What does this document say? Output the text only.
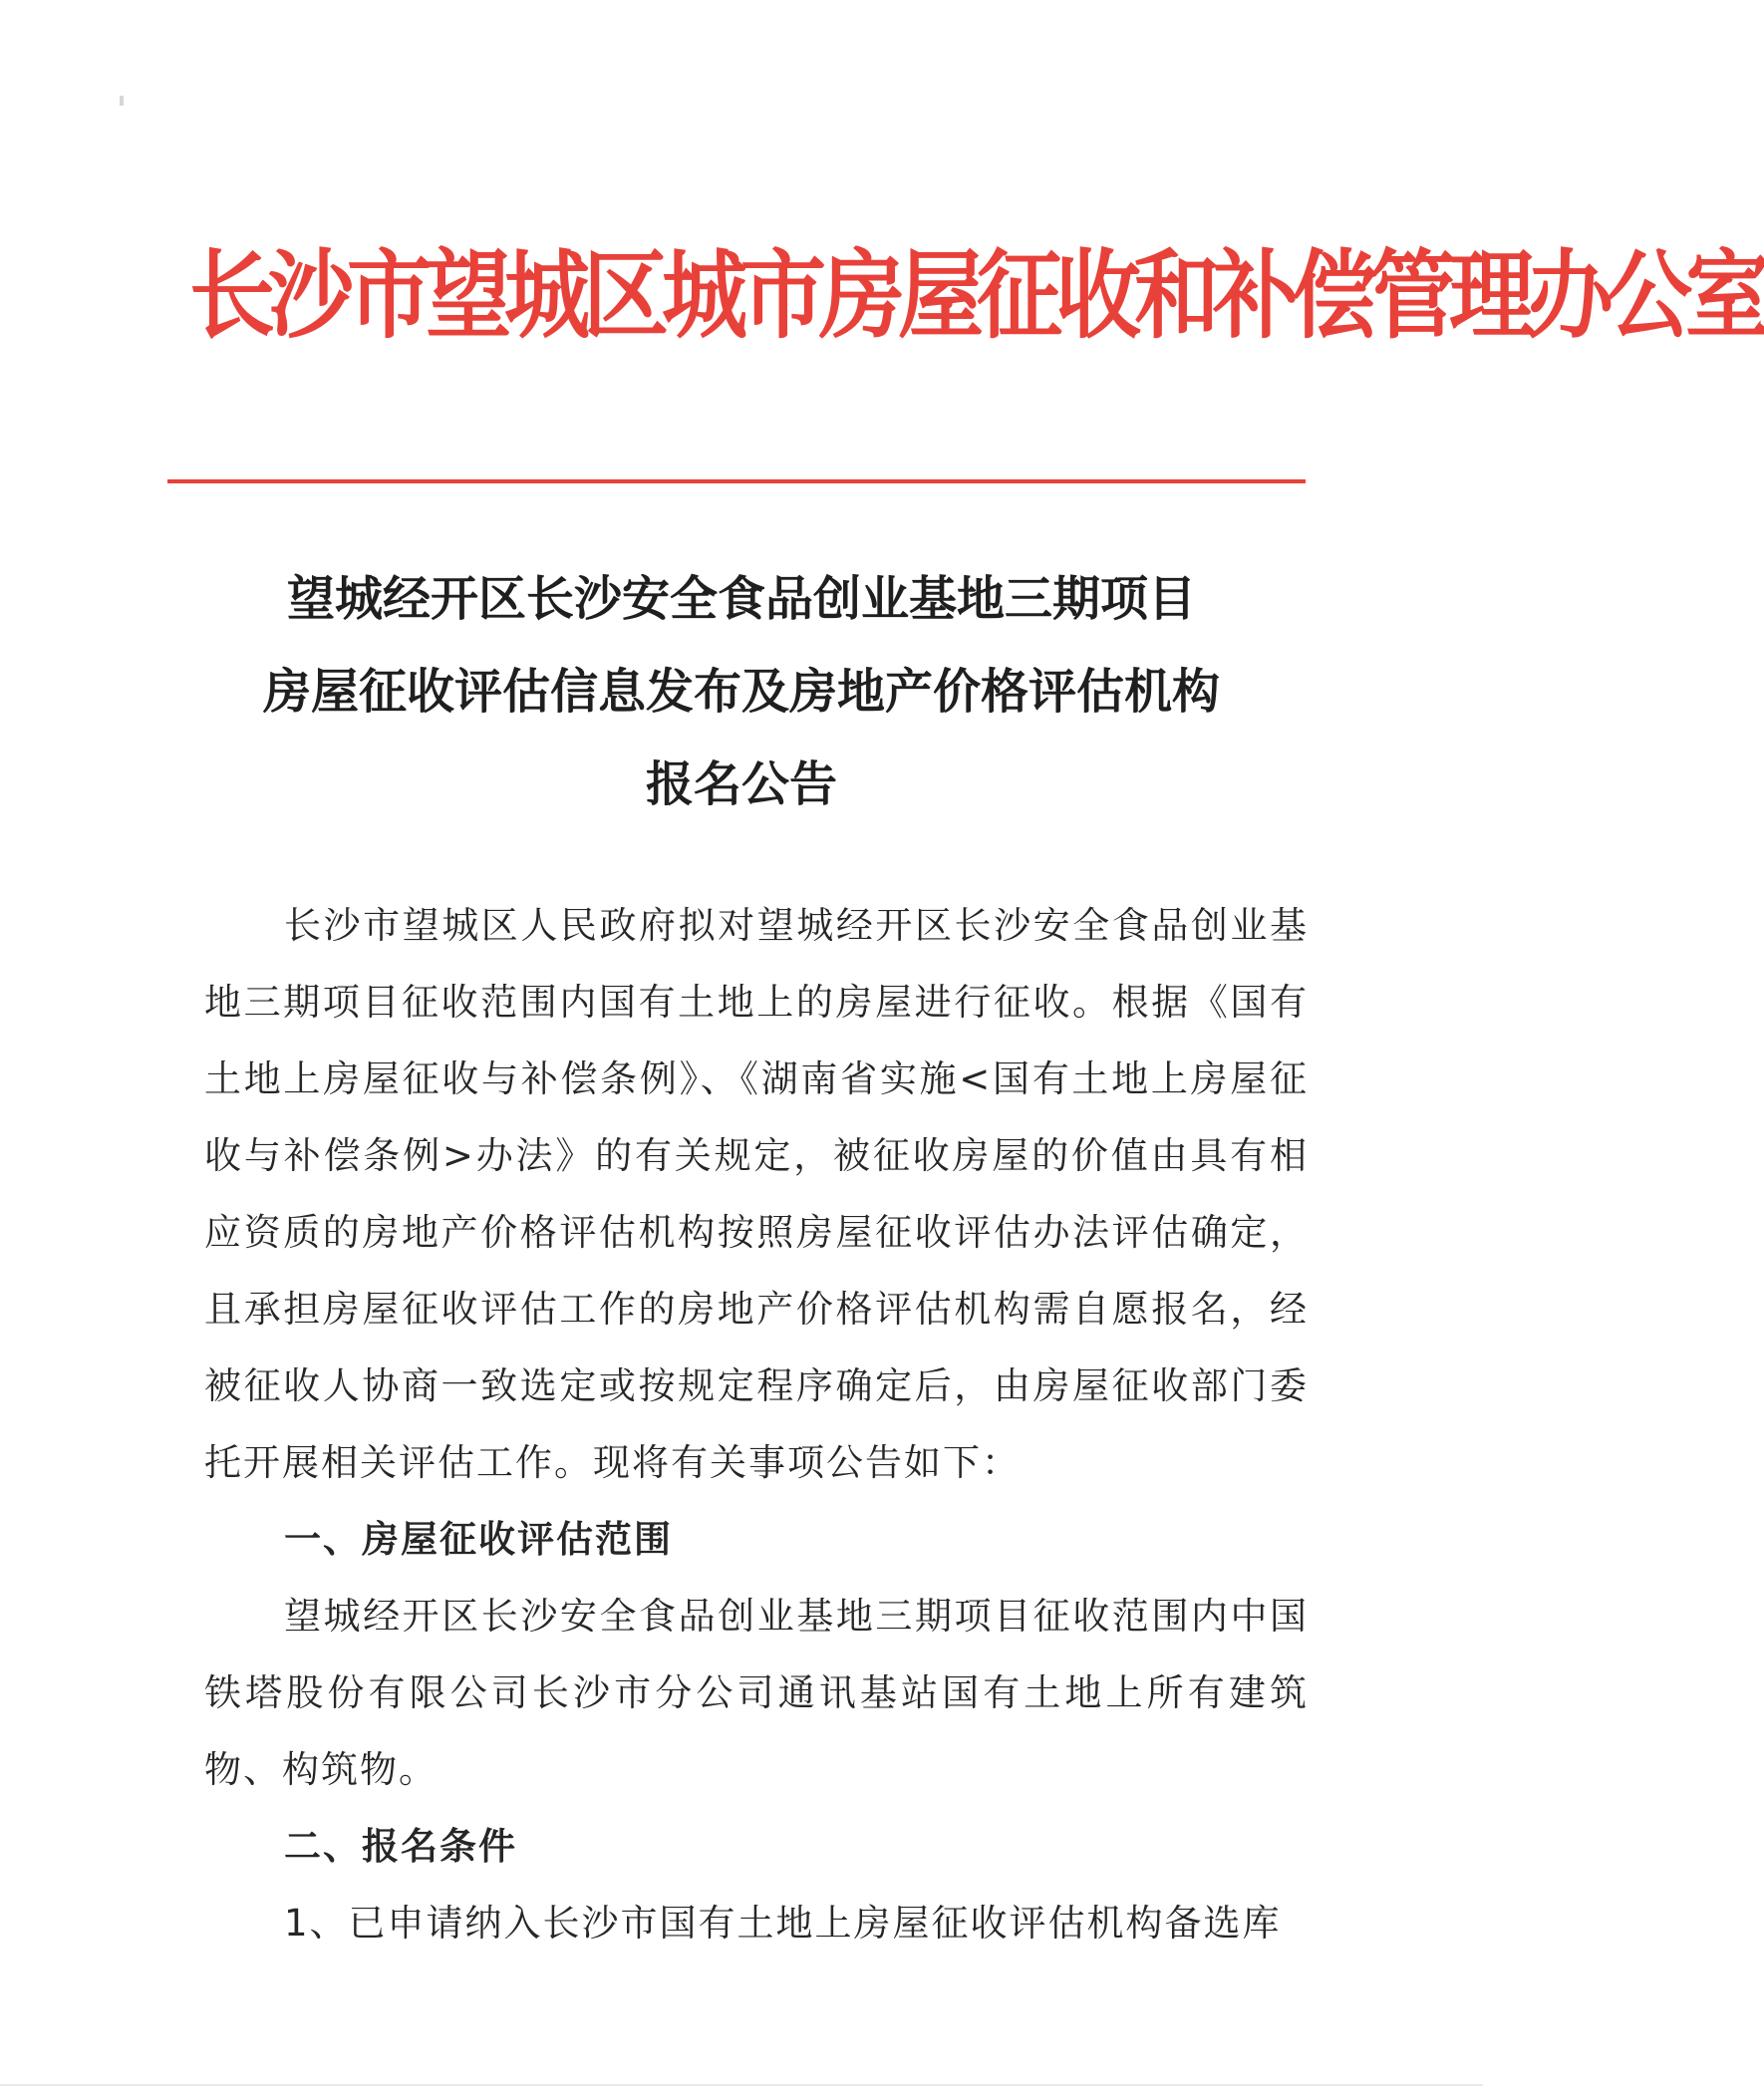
长沙市望城区城市房屋征收和补偿管理办公室
望城经开区长沙安全食品创业基地三期项目
房屋征收评估信息发布及房地产价格评估机构
报名公告

长沙市望城区人民政府拟对望城经开区长沙安全食品创业基地三期项目征收范围内国有土地上的房屋进行征收。根据《国有土地上房屋征收与补偿条例》、《湖南省实施<国有土地上房屋征收与补偿条例>办法》的有关规定，被征收房屋的价值由具有相应资质的房地产价格评估机构按照房屋征收评估办法评估确定，且承担房屋征收评估工作的房地产价格评估机构需自愿报名，经被征收人协商一致选定或按规定程序确定后，由房屋征收部门委托开展相关评估工作。现将有关事项公告如下：

一、房屋征收评估范围

望城经开区长沙安全食品创业基地三期项目征收范围内中国铁塔股份有限公司长沙市分公司通讯基站国有土地上所有建筑物、构筑物。

二、报名条件

1、已申请纳入长沙市国有土地上房屋征收评估机构备选库
